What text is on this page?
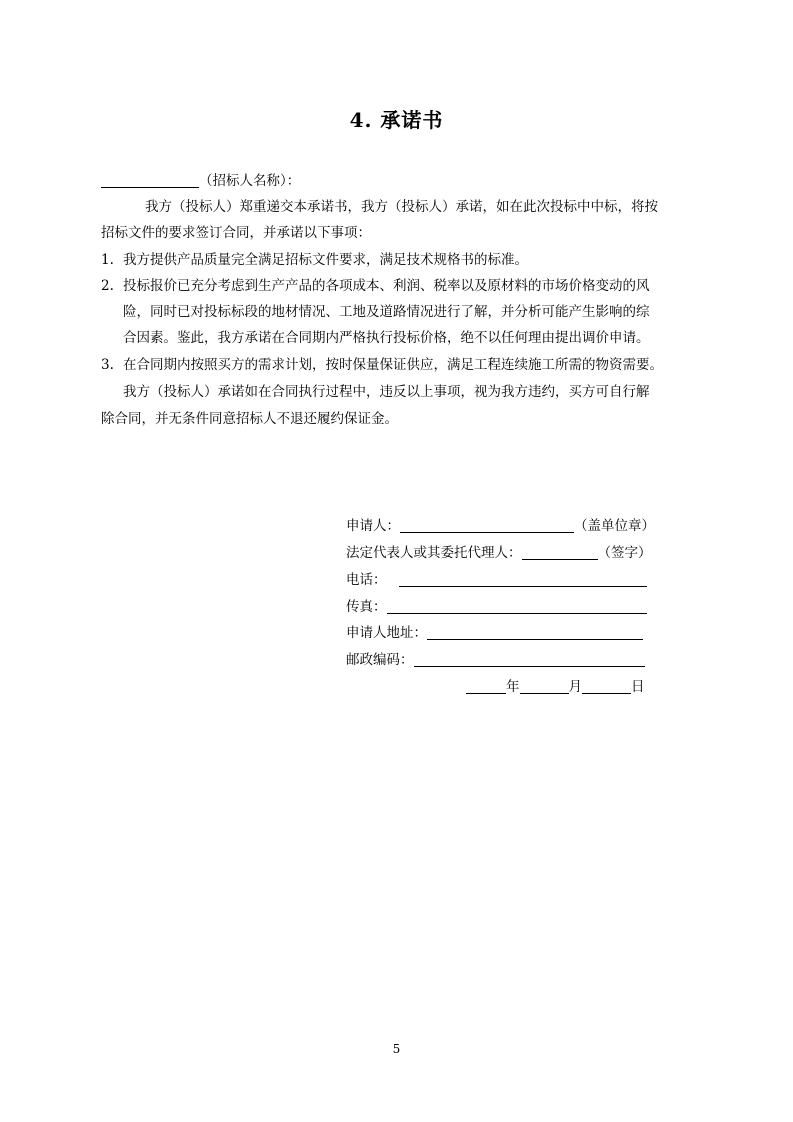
4. 承诺书
（招标人名称）：
我方（投标人）郑重递交本承诺书，我方（投标人）承诺，如在此次投标中中标，将按
招标文件的要求签订合同，并承诺以下事项：
1. 我方提供产品质量完全满足招标文件要求，满足技术规格书的标准。
2. 投标报价已充分考虑到生产产品的各项成本、利润、税率以及原材料的市场价格变动的风
险，同时已对投标标段的地材情况、工地及道路情况进行了解，并分析可能产生影响的综
合因素。鉴此，我方承诺在合同期内严格执行投标价格，绝不以任何理由提出调价申请。
3. 在合同期内按照买方的需求计划，按时保量保证供应，满足工程连续施工所需的物资需要。
我方（投标人）承诺如在合同执行过程中，违反以上事项，视为我方违约，买方可自行解
除合同，并无条件同意招标人不退还履约保证金。
申请人：	（盖单位章）
法定代表人或其委托代理人：	（签字）
电话：
传真：
申请人地址：
邮政编码：
年	月	日
5
